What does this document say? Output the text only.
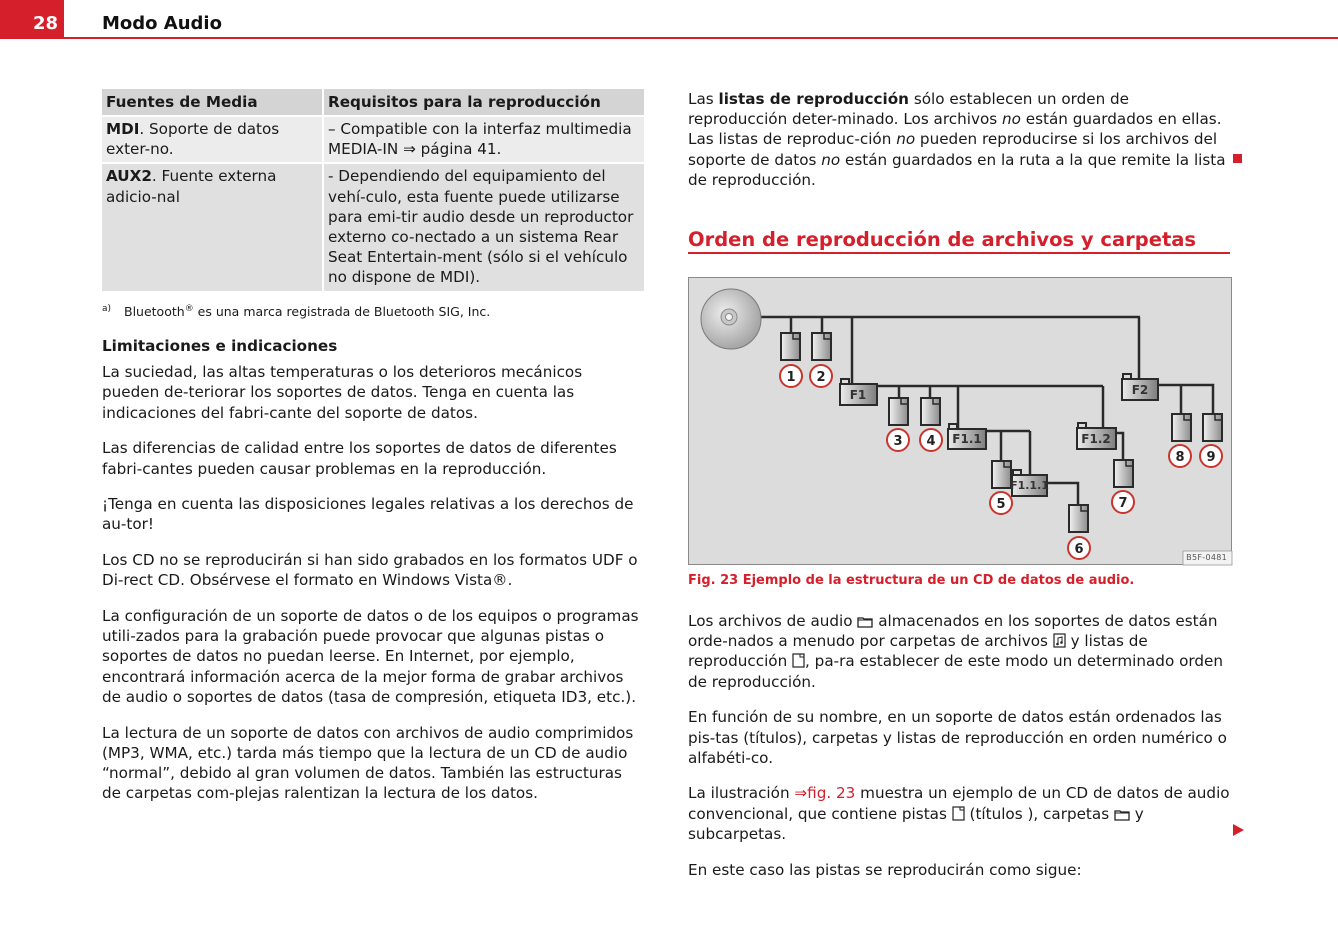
28 Modo Audio
Fuentes de Media	Requisitos para la reproducción
MDI. Soporte de datos exter-no.	– Compatible con la interfaz multimedia MEDIA-IN ⇒ página 41.
AUX2. Fuente externa adicio-nal	- Dependiendo del equipamiento del vehí-culo, esta fuente puede utilizarse para emi-tir audio desde un reproductor externo co-nectado a un sistema Rear Seat Entertain-ment (sólo si el vehículo no dispone de MDI).
a)	Bluetooth® es una marca registrada de Bluetooth SIG, Inc.
Limitaciones e indicaciones

La suciedad, las altas temperaturas o los deterioros mecánicos pueden de-teriorar los soportes de datos. Tenga en cuenta las indicaciones del fabri-cante del soporte de datos.

Las diferencias de calidad entre los soportes de datos de diferentes fabri-cantes pueden causar problemas en la reproducción.

¡Tenga en cuenta las disposiciones legales relativas a los derechos de au-tor!

Los CD no se reproducirán si han sido grabados en los formatos UDF o Di-rect CD. Obsérvese el formato en Windows Vista®.

La configuración de un soporte de datos o de los equipos o programas utili-zados para la grabación puede provocar que algunas pistas o soportes de datos no puedan leerse. En Internet, por ejemplo, encontrará información acerca de la mejor forma de grabar archivos de audio o soportes de datos (tasa de compresión, etiqueta ID3, etc.).

La lectura de un soporte de datos con archivos de audio comprimidos (MP3, WMA, etc.) tarda más tiempo que la lectura de un CD de audio “normal”, debido al gran volumen de datos. También las estructuras de carpetas com-plejas ralentizan la lectura de los datos.

Las listas de reproducción sólo establecen un orden de reproducción deter-minado. Los archivos no están guardados en ellas. Las listas de reproduc-ción no pueden reproducirse si los archivos del soporte de datos no están guardados en la ruta a la que remite la lista de reproducción.
Orden de reproducción de archivos y carpetas
F1	F2
F1.1	F1.2
F1.1.1
1 2
3 4
5
6
7
8 9
B5F-0481
Fig. 23 Ejemplo de la estructura de un CD de datos de audio.

Los archivos de audio  almacenados en los soportes de datos están orde-nados a menudo por carpetas de archivos  y listas de reproducción , pa-ra establecer de este modo un determinado orden de reproducción.

En función de su nombre, en un soporte de datos están ordenados las pis-tas (títulos), carpetas y listas de reproducción en orden numérico o alfabéti-co.

La ilustración ⇒fig. 23 muestra un ejemplo de un CD de datos de audio convencional, que contiene pistas  (títulos ), carpetas  y subcarpetas.

En este caso las pistas se reproducirán como sigue:
